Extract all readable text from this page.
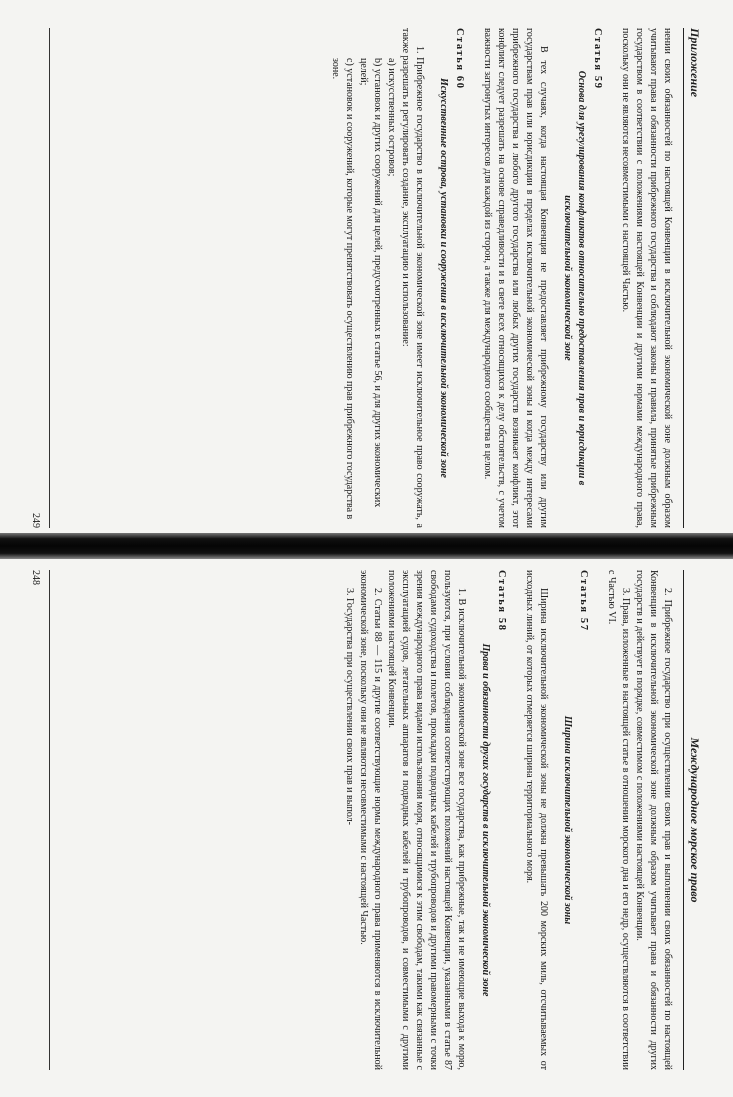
Международное морское право

2. Прибрежное государство при осуществлении своих прав и выполнении своих обязанностей по настоящей Конвенции в исключительной экономической зоне должным образом учитывает права и обязанности других государств и действует в порядке, совместимом с положениями настоящей Конвенции.

3. Права, изложенные в настоящей статье в отношении морского дна и его недр, осуществляются в соответствии с Частью VI.

Статья 57
Ширина исключительной экономической зоны

Ширина исключительной экономической зоны не должна превышать 200 морских миль, отсчитываемых от исходных линий, от которых отмеряется ширина территориального моря.

Статья 58
Права и обязанности других государств в исключительной экономической зоне

1. В исключительной экономической зоне все государства, как прибрежные, так и не имеющие выхода к морю, пользуются, при условии соблюдения соответствующих положений настоящей Конвенции, указанными в статье 87 свободами судоходства и полетов, прокладки подводных кабелей и трубопроводов и другими правомерными с точки зрения международного права видами использования моря, относящимися к этим свободам, такими как связанные с эксплуатацией судов, летательных аппаратов и подводных кабелей и трубопроводов, и совместимыми с другими положениями настоящей Конвенции.

2. Статьи 88 — 115 и другие соответствующие нормы международного права применяются в исключительной экономической зоне, поскольку они не являются несовместимыми с настоящей Частью.

3. Государства при осуществлении своих прав и выпол-

248
Приложение

нении своих обязанностей по настоящей Конвенции в исключительной экономической зоне должным образом учитывают права и обязанности прибрежного государства и соблюдают законы и правила, принятые прибрежным государством в соответствии с положениями настоящей Конвенции и другими нормами международного права, поскольку они не являются несовместимыми с настоящей Частью.

Статья 59
Основа для урегулирования конфликтов относительно предоставления прав и юрисдикции в исключительной экономической зоне

В тех случаях, когда настоящая Конвенция не предоставляет прибрежному государству или другим государствам прав или юрисдикции в пределах исключительной экономической зоны и когда между интересами прибрежного государства и любого другого государства или любых других государств возникает конфликт, этот конфликт следует разрешать на основе справедливости и в свете всех относящихся к делу обстоятельств, с учетом важности затронутых интересов для каждой из сторон, а также для международного сообщества в целом.

Статья 60
Искусственные острова, установки и сооружения в исключительной экономической зоне

1. Прибрежное государство в исключительной экономической зоне имеет исключительное право сооружать, а также разрешать и регулировать создание, эксплуатацию и использование:

a) искусственных островов;

b) установок и других сооружений для целей, предусмотренных в статье 56, и для других экономических целей;

c) установок и сооружений, которые могут препятствовать осуществлению прав прибрежного государства в зоне.

249
